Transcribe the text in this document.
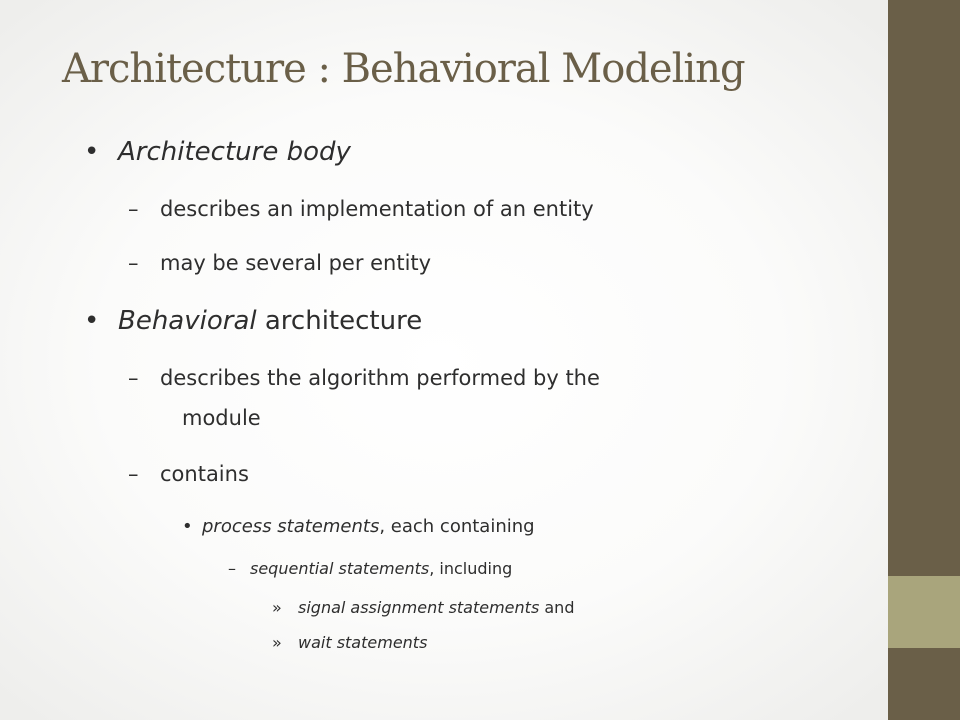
Architecture : Behavioral Modeling
• Architecture body
– describes an implementation of an entity
– may be several per entity
• Behavioral architecture
– describes the algorithm performed by the
module
– contains
• process statements, each containing
– sequential statements, including
» signal assignment statements and
» wait statements
